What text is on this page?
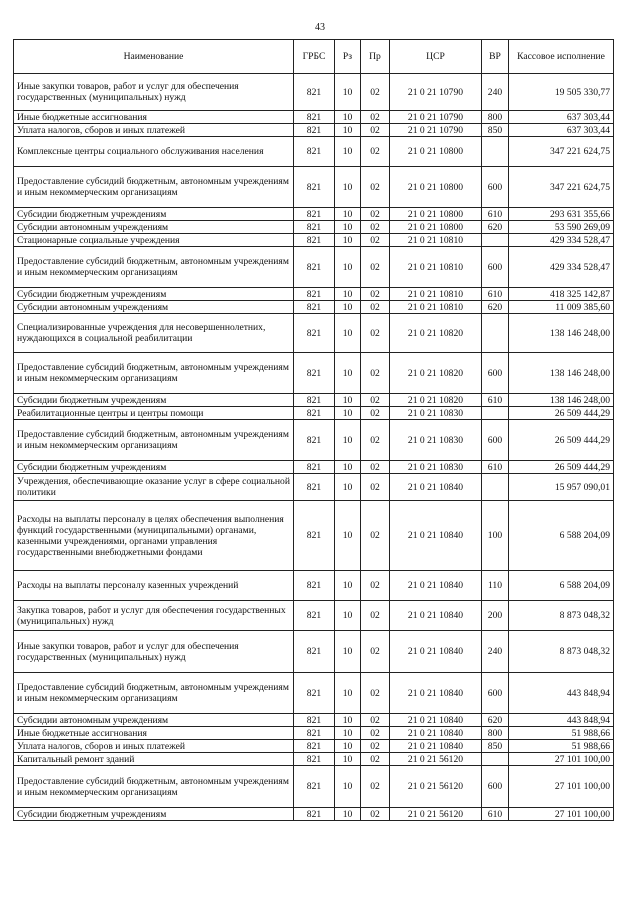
43
Наименование	ГРБС	Рз	Пр	ЦСР	ВР	Кассовое исполнение
Иные закупки товаров, работ и услуг для обеспечения государственных (муниципальных) нужд	821	10	02	21 0 21 10790	240	19 505 330,77
Иные бюджетные ассигнования	821	10	02	21 0 21 10790	800	637 303,44
Уплата налогов, сборов и иных платежей	821	10	02	21 0 21 10790	850	637 303,44
Комплексные центры социального обслуживания населения	821	10	02	21 0 21 10800		347 221 624,75
Предоставление субсидий бюджетным, автономным учреждениям и иным некоммерческим организациям	821	10	02	21 0 21 10800	600	347 221 624,75
Субсидии бюджетным учреждениям	821	10	02	21 0 21 10800	610	293 631 355,66
Субсидии автономным учреждениям	821	10	02	21 0 21 10800	620	53 590 269,09
Стационарные социальные учреждения	821	10	02	21 0 21 10810		429 334 528,47
Предоставление субсидий бюджетным, автономным учреждениям и иным некоммерческим организациям	821	10	02	21 0 21 10810	600	429 334 528,47
Субсидии бюджетным учреждениям	821	10	02	21 0 21 10810	610	418 325 142,87
Субсидии автономным учреждениям	821	10	02	21 0 21 10810	620	11 009 385,60
Специализированные учреждения для несовершеннолетних, нуждающихся в социальной реабилитации	821	10	02	21 0 21 10820		138 146 248,00
Предоставление субсидий бюджетным, автономным учреждениям и иным некоммерческим организациям	821	10	02	21 0 21 10820	600	138 146 248,00
Субсидии бюджетным учреждениям	821	10	02	21 0 21 10820	610	138 146 248,00
Реабилитационные центры и центры помощи	821	10	02	21 0 21 10830		26 509 444,29
Предоставление субсидий бюджетным, автономным учреждениям и иным некоммерческим организациям	821	10	02	21 0 21 10830	600	26 509 444,29
Субсидии бюджетным учреждениям	821	10	02	21 0 21 10830	610	26 509 444,29
Учреждения, обеспечивающие оказание услуг в сфере социальной политики	821	10	02	21 0 21 10840		15 957 090,01
Расходы на выплаты персоналу в целях обеспечения выполнения функций государственными (муниципальными) органами, казенными учреждениями, органами управления государственными внебюджетными фондами	821	10	02	21 0 21 10840	100	6 588 204,09
Расходы на выплаты персоналу казенных учреждений	821	10	02	21 0 21 10840	110	6 588 204,09
Закупка товаров, работ и услуг для обеспечения государственных (муниципальных) нужд	821	10	02	21 0 21 10840	200	8 873 048,32
Иные закупки товаров, работ и услуг для обеспечения государственных (муниципальных) нужд	821	10	02	21 0 21 10840	240	8 873 048,32
Предоставление субсидий бюджетным, автономным учреждениям и иным некоммерческим организациям	821	10	02	21 0 21 10840	600	443 848,94
Субсидии автономным учреждениям	821	10	02	21 0 21 10840	620	443 848,94
Иные бюджетные ассигнования	821	10	02	21 0 21 10840	800	51 988,66
Уплата налогов, сборов и иных платежей	821	10	02	21 0 21 10840	850	51 988,66
Капитальный ремонт зданий	821	10	02	21 0 21 56120		27 101 100,00
Предоставление субсидий бюджетным, автономным учреждениям и иным некоммерческим организациям	821	10	02	21 0 21 56120	600	27 101 100,00
Субсидии бюджетным учреждениям	821	10	02	21 0 21 56120	610	27 101 100,00
